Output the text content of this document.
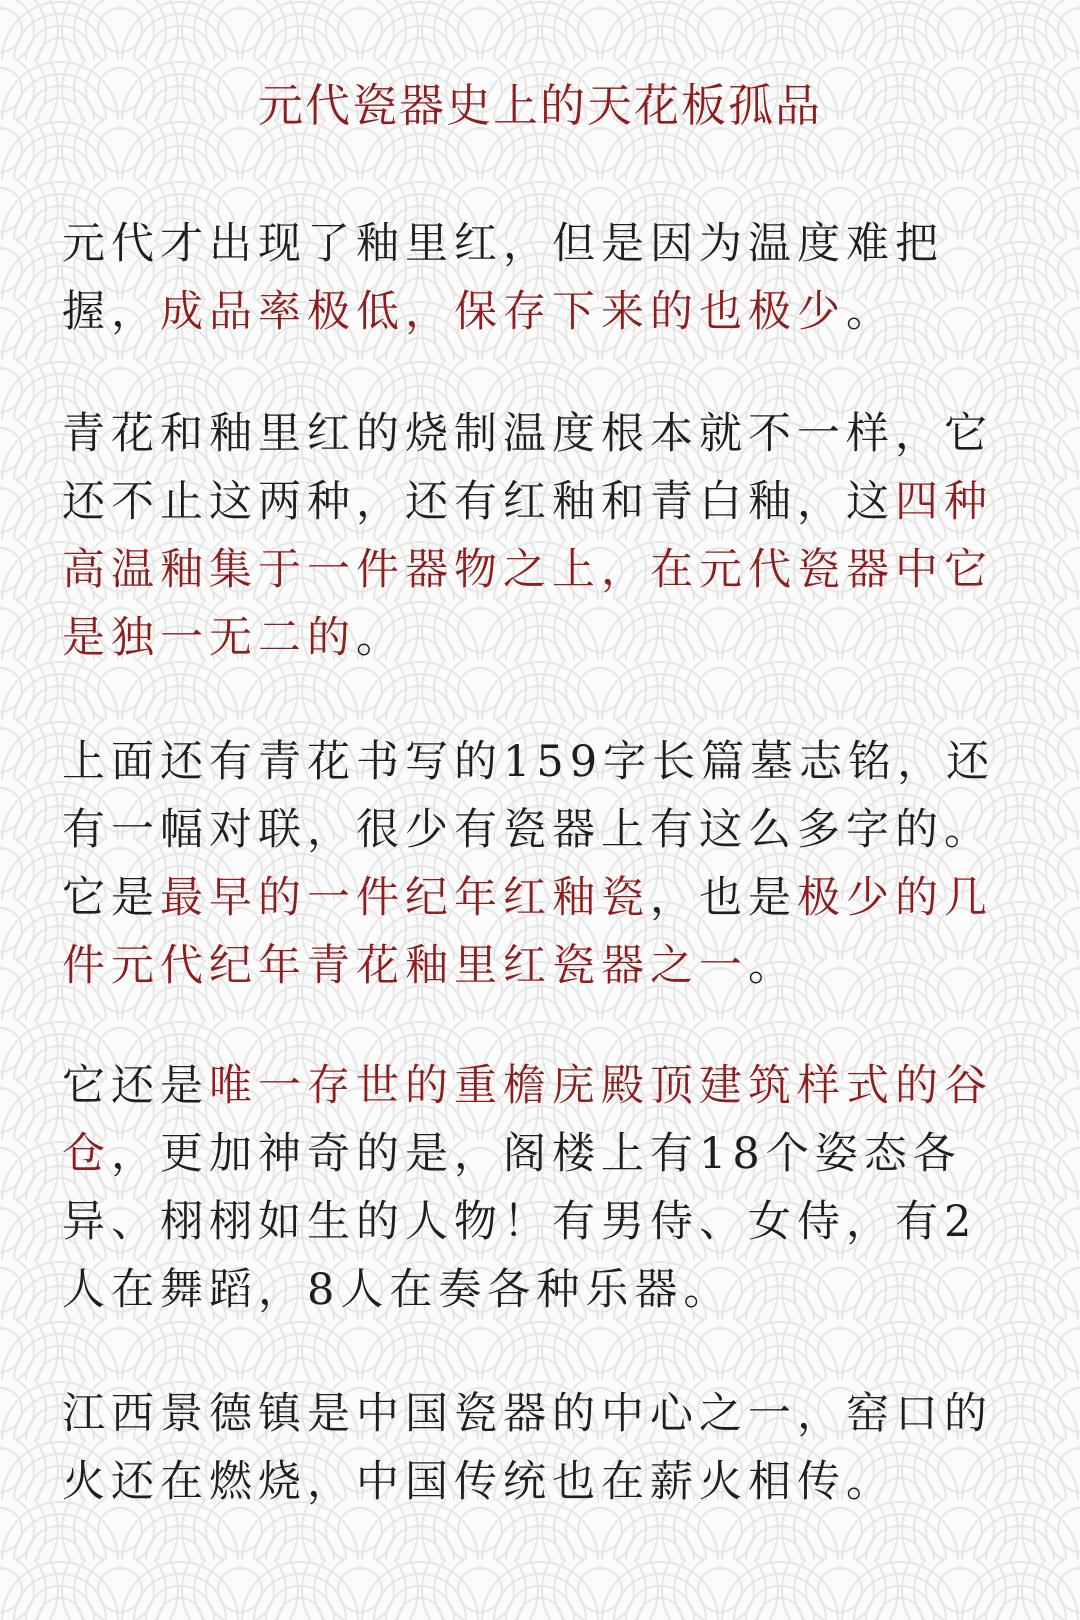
元代瓷器史上的天花板孤品

元代才出现了釉里红，但是因为温度难把握，成品率极低，保存下来的也极少。

青花和釉里红的烧制温度根本就不一样，它还不止这两种，还有红釉和青白釉，这四种高温釉集于一件器物之上，在元代瓷器中它是独一无二的。

上面还有青花书写的159字长篇墓志铭，还有一幅对联，很少有瓷器上有这么多字的。它是最早的一件纪年红釉瓷，也是极少的几件元代纪年青花釉里红瓷器之一。

它还是唯一存世的重檐庑殿顶建筑样式的谷仓，更加神奇的是，阁楼上有18个姿态各异、栩栩如生的人物！有男侍、女侍，有2人在舞蹈，8人在奏各种乐器。

江西景德镇是中国瓷器的中心之一，窑口的火还在燃烧，中国传统也在薪火相传。
